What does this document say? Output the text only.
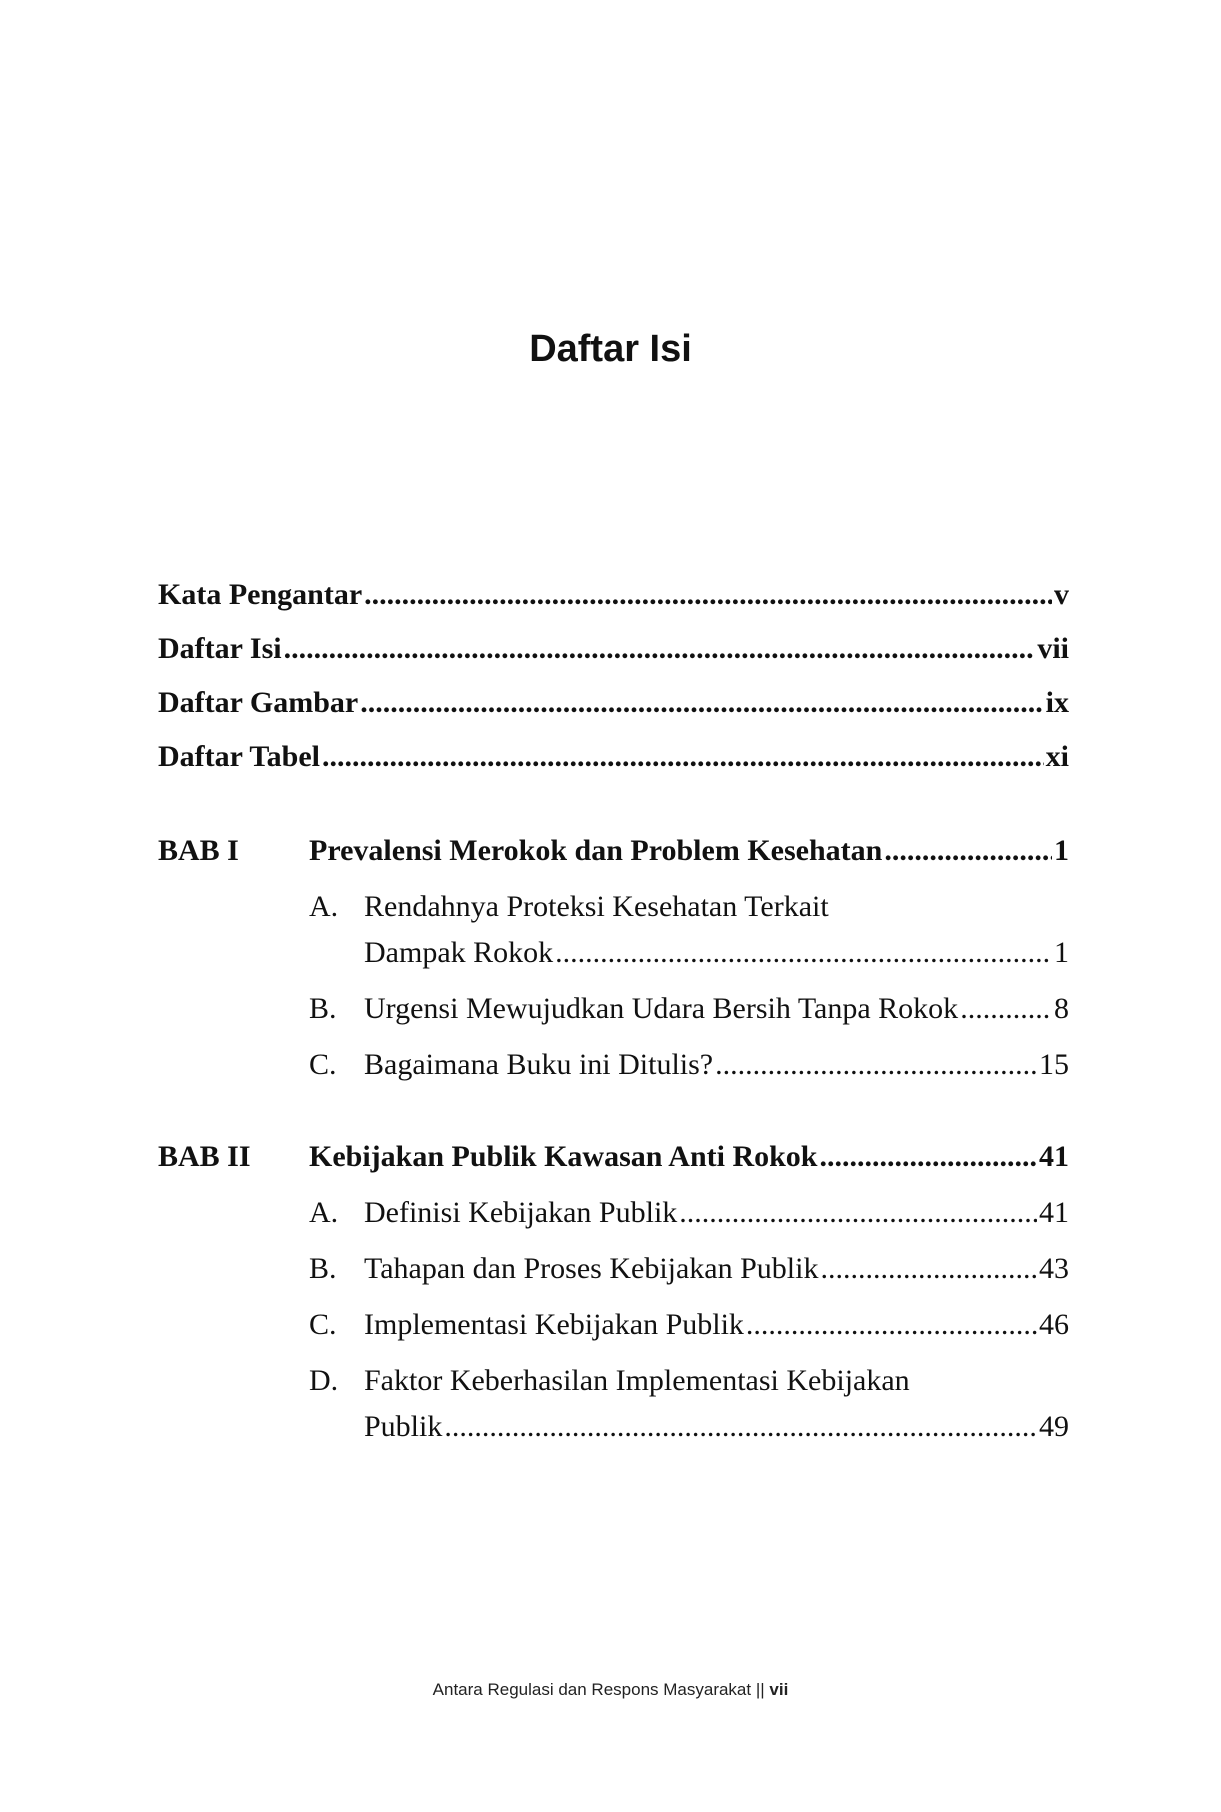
Daftar Isi
Kata Pengantar .....	v
Daftar Isi .....	vii
Daftar Gambar .....	ix
Daftar Tabel .....	xi
BAB I Prevalensi Merokok dan Problem Kesehatan .....	1
A. Rendahnya Proteksi Kesehatan Terkait
Dampak Rokok .....	1
B. Urgensi Mewujudkan Udara Bersih Tanpa Rokok .....	8
C. Bagaimana Buku ini Ditulis? .....	15
BAB II Kebijakan Publik Kawasan Anti Rokok .....	41
A. Definisi Kebijakan Publik .....	41
B. Tahapan dan Proses Kebijakan Publik .....	43
C. Implementasi Kebijakan Publik .....	46
D. Faktor Keberhasilan Implementasi Kebijakan
Publik .....	49
Antara Regulasi dan Respons Masyarakat || vii
